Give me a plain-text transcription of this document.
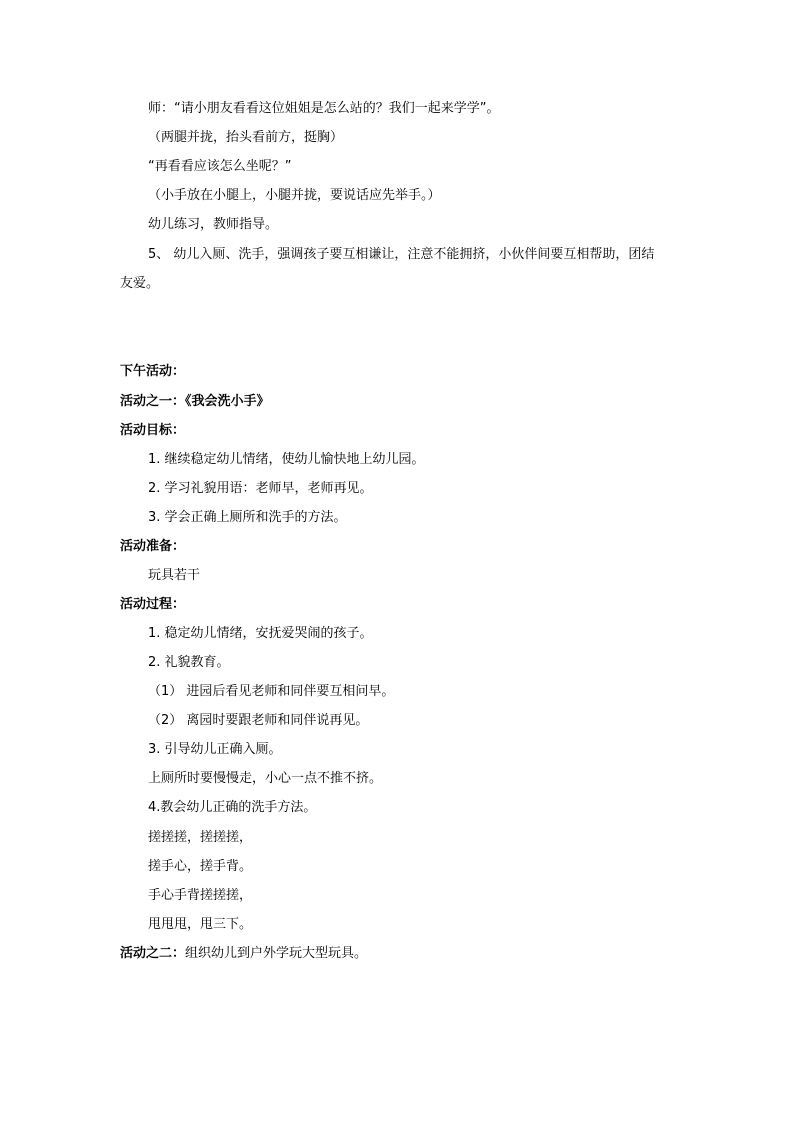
师：“请小朋友看看这位姐姐是怎么站的？我们一起来学学”。
（两腿并拢，抬头看前方，挺胸）
“再看看应该怎么坐呢？”
（小手放在小腿上，小腿并拢，要说话应先举手。）
幼儿练习，教师指导。
5、 幼儿入厕、洗手，强调孩子要互相谦让，注意不能拥挤，小伙伴间要互相帮助，团结
友爱。
下午活动：
活动之一：《我会洗小手》
活动目标：
1. 继续稳定幼儿情绪，使幼儿愉快地上幼儿园。
2. 学习礼貌用语：老师早，老师再见。
3. 学会正确上厕所和洗手的方法。
活动准备：
玩具若干
活动过程：
1. 稳定幼儿情绪，安抚爱哭闹的孩子。
2. 礼貌教育。
（1） 进园后看见老师和同伴要互相问早。
（2） 离园时要跟老师和同伴说再见。
3. 引导幼儿正确入厕。
上厕所时要慢慢走，小心一点不推不挤。
4.教会幼儿正确的洗手方法。
搓搓搓，搓搓搓，
搓手心，搓手背。
手心手背搓搓搓，
甩甩甩，甩三下。
活动之二：组织幼儿到户外学玩大型玩具。
